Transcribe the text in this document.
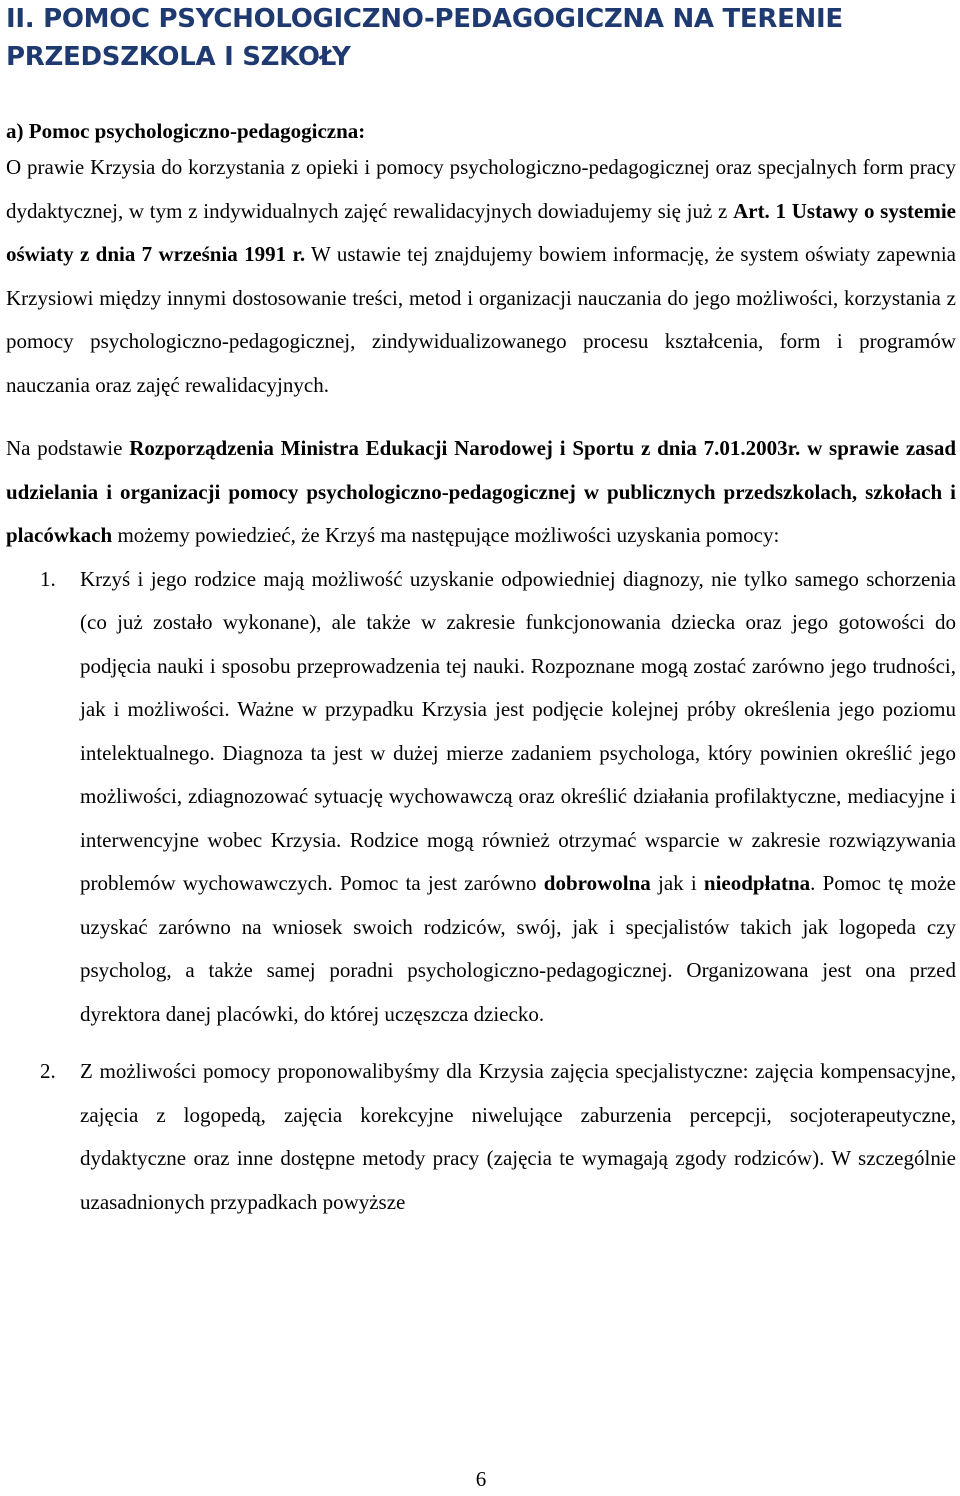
II. POMOC PSYCHOLOGICZNO-PEDAGOGICZNA NA TERENIE
PRZEDSZKOLA I SZKOŁY
a) Pomoc psychologiczno-pedagogiczna:

O prawie Krzysia do korzystania z opieki i pomocy psychologiczno-pedagogicznej oraz specjalnych form pracy dydaktycznej, w tym z indywidualnych zajęć rewalidacyjnych dowiadujemy się już z Art. 1 Ustawy o systemie oświaty z dnia 7 września 1991 r. W ustawie tej znajdujemy bowiem informację, że system oświaty zapewnia Krzysiowi między innymi dostosowanie treści, metod i organizacji nauczania do jego możliwości, korzystania z pomocy psychologiczno-pedagogicznej, zindywidualizowanego procesu kształcenia, form i programów nauczania oraz zajęć rewalidacyjnych.

Na podstawie Rozporządzenia Ministra Edukacji Narodowej i Sportu z dnia 7.01.2003r. w sprawie zasad udzielania i organizacji pomocy psychologiczno-pedagogicznej w publicznych przedszkolach, szkołach i placówkach możemy powiedzieć, że Krzyś ma następujące możliwości uzyskania pomocy:

1. Krzyś i jego rodzice mają możliwość uzyskanie odpowiedniej diagnozy, nie tylko samego schorzenia (co już zostało wykonane), ale także w zakresie funkcjonowania dziecka oraz jego gotowości do podjęcia nauki i sposobu przeprowadzenia tej nauki. Rozpoznane mogą zostać zarówno jego trudności, jak i możliwości. Ważne w przypadku Krzysia jest podjęcie kolejnej próby określenia jego poziomu intelektualnego. Diagnoza ta jest w dużej mierze zadaniem psychologa, który powinien określić jego możliwości, zdiagnozować sytuację wychowawczą oraz określić działania profilaktyczne, mediacyjne i interwencyjne wobec Krzysia. Rodzice mogą również otrzymać wsparcie w zakresie rozwiązywania problemów wychowawczych. Pomoc ta jest zarówno dobrowolna jak i nieodpłatna. Pomoc tę może uzyskać zarówno na wniosek swoich rodziców, swój, jak i specjalistów takich jak logopeda czy psycholog, a także samej poradni psychologiczno-pedagogicznej. Organizowana jest ona przed dyrektora danej placówki, do której uczęszcza dziecko.

2. Z możliwości pomocy proponowalibyśmy dla Krzysia zajęcia specjalistyczne: zajęcia kompensacyjne, zajęcia z logopedą, zajęcia korekcyjne niwelujące zaburzenia percepcji, socjoterapeutyczne, dydaktyczne oraz inne dostępne metody pracy (zajęcia te wymagają zgody rodziców). W szczególnie uzasadnionych przypadkach powyższe

6
